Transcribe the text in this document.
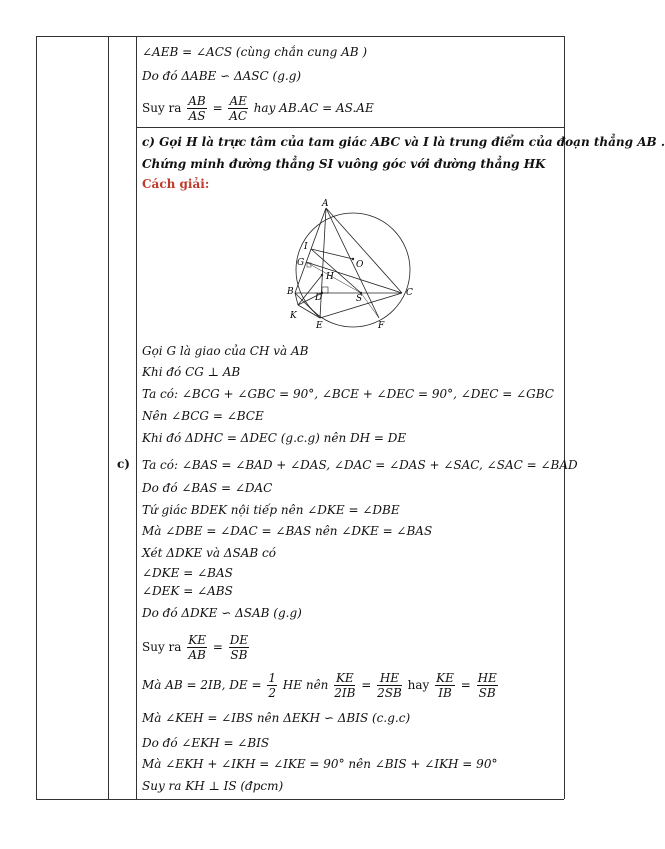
∠AEB = ∠ACS (cùng chắn cung AB )
Do đó ΔABE ∽ ΔASC (g.g)
Suy ra $\frac{AB}{AS} = \frac{AE}{AC}$ hay AB.AC = AS.AE
c)
c) Gọi H là trực tâm của tam giác ABC và I là trung điểm của đoạn thẳng AB .
Chứng minh đường thẳng SI vuông góc với đường thẳng HK
Cách giải:
A
I
G	O
H
B
D	S
C
K
E	F
Gọi G là giao của CH và AB
Khi đó CG ⊥ AB
Ta có: ∠BCG + ∠GBC = 90°, ∠BCE + ∠DEC = 90°, ∠DEC = ∠GBC
Nên ∠BCG = ∠BCE
Khi đó ΔDHC = ΔDEC (g.c.g) nên DH = DE
Ta có: ∠BAS = ∠BAD + ∠DAS, ∠DAC = ∠DAS + ∠SAC, ∠SAC = ∠BAD
Do đó ∠BAS = ∠DAC
Tứ giác BDEK nội tiếp nên ∠DKE = ∠DBE
Mà ∠DBE = ∠DAC = ∠BAS nên ∠DKE = ∠BAS
Xét ΔDKE và ΔSAB có
∠DKE = ∠BAS
∠DEK = ∠ABS
Do đó ΔDKE ∽ ΔSAB (g.g)
Suy ra $\frac{KE}{AB} = \frac{DE}{SB}$
Mà AB = 2IB, DE = $\frac{1}{2}$ HE nên $\frac{KE}{2IB} = \frac{HE}{2SB}$ hay $\frac{KE}{IB} = \frac{HE}{SB}$
Mà ∠KEH = ∠IBS nên ΔEKH ∽ ΔBIS (c.g.c)
Do đó ∠EKH = ∠BIS
Mà ∠EKH + ∠IKH = ∠IKE = 90° nên ∠BIS + ∠IKH = 90°
Suy ra KH ⊥ IS (đpcm)
